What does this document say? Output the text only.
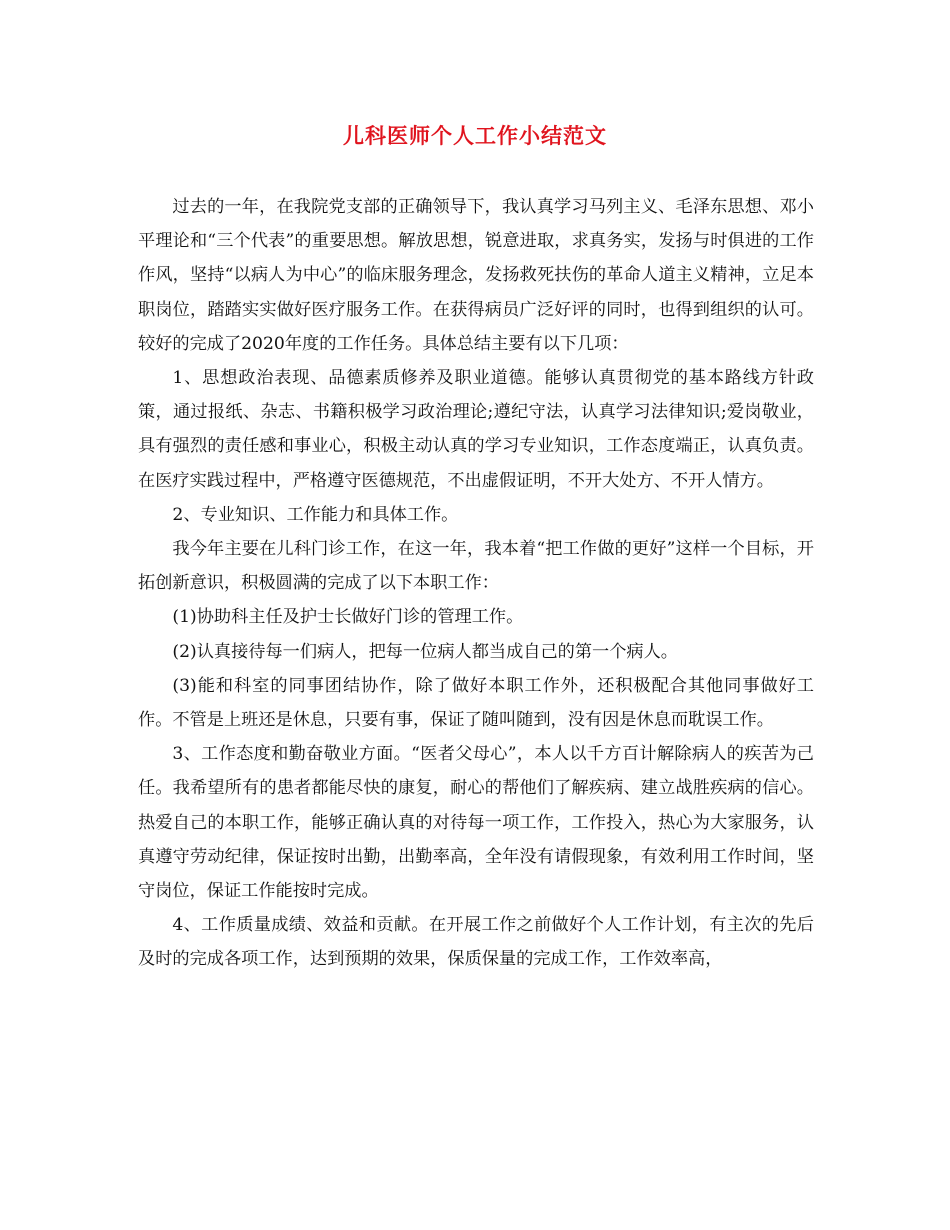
儿科医师个人工作小结范文

过去的一年，在我院党支部的正确领导下，我认真学习马列主义、毛泽东思想、邓小平理论和“三个代表”的重要思想。解放思想，锐意进取，求真务实，发扬与时俱进的工作作风，坚持“以病人为中心”的临床服务理念，发扬救死扶伤的革命人道主义精神，立足本职岗位，踏踏实实做好医疗服务工作。在获得病员广泛好评的同时，也得到组织的认可。较好的完成了2020年度的工作任务。具体总结主要有以下几项：

1、思想政治表现、品德素质修养及职业道德。能够认真贯彻党的基本路线方针政策，通过报纸、杂志、书籍积极学习政治理论;遵纪守法，认真学习法律知识;爱岗敬业，具有强烈的责任感和事业心，积极主动认真的学习专业知识，工作态度端正，认真负责。在医疗实践过程中，严格遵守医德规范，不出虚假证明，不开大处方、不开人情方。

2、专业知识、工作能力和具体工作。

我今年主要在儿科门诊工作，在这一年，我本着“把工作做的更好”这样一个目标，开拓创新意识，积极圆满的完成了以下本职工作：

(1)协助科主任及护士长做好门诊的管理工作。

(2)认真接待每一们病人，把每一位病人都当成自己的第一个病人。

(3)能和科室的同事团结协作，除了做好本职工作外，还积极配合其他同事做好工作。不管是上班还是休息，只要有事，保证了随叫随到，没有因是休息而耽误工作。

3、工作态度和勤奋敬业方面。“医者父母心”，本人以千方百计解除病人的疾苦为己任。我希望所有的患者都能尽快的康复，耐心的帮他们了解疾病、建立战胜疾病的信心。热爱自己的本职工作，能够正确认真的对待每一项工作，工作投入，热心为大家服务，认真遵守劳动纪律，保证按时出勤，出勤率高，全年没有请假现象，有效利用工作时间，坚守岗位，保证工作能按时完成。

4、工作质量成绩、效益和贡献。在开展工作之前做好个人工作计划，有主次的先后及时的完成各项工作，达到预期的效果，保质保量的完成工作，工作效率高，
